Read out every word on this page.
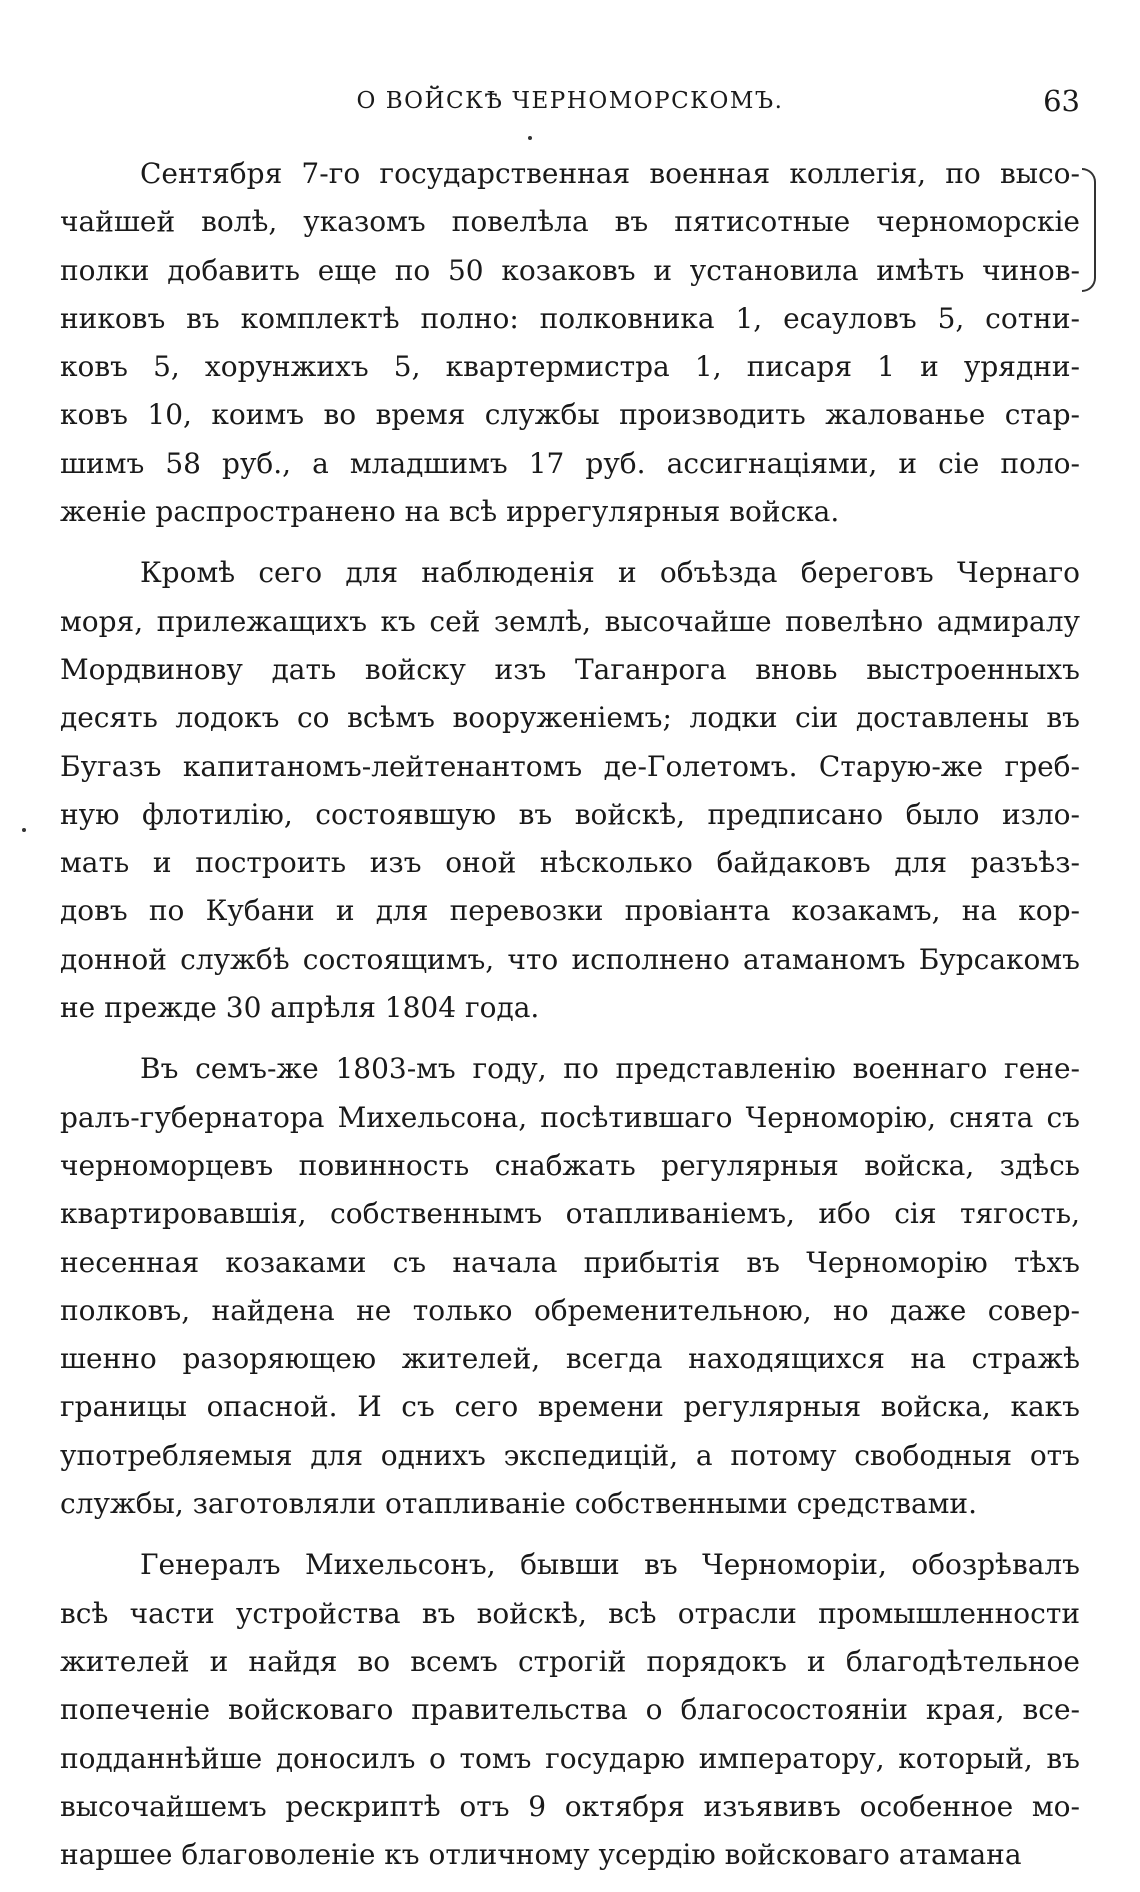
О ВОЙСКѢ ЧЕРНОМОРСКОМЪ.	63
Сентября 7-го государственная военная коллегія, по высо-
чайшей волѣ, указомъ повелѣла въ пятисотные черноморскіе
полки добавить еще по 50 козаковъ и установила имѣть чинов-
никовъ въ комплектѣ полно: полковника 1, есауловъ 5, сотни-
ковъ 5, хорунжихъ 5, квартермистра 1, писаря 1 и урядни-
ковъ 10, коимъ во время службы производить жалованье стар-
шимъ 58 руб., а младшимъ 17 руб. ассигнаціями, и сіе поло-
женіе распространено на всѣ иррегулярныя войска.
Кромѣ сего для наблюденія и объѣзда береговъ Чернаго
моря, прилежащихъ къ сей землѣ, высочайше повелѣно адмиралу
Мордвинову дать войску изъ Таганрога вновь выстроенныхъ
десять лодокъ со всѣмъ вооруженіемъ; лодки сіи доставлены въ
Бугазъ капитаномъ-лейтенантомъ де-Голетомъ. Старую-же греб-
ную флотилію, состоявшую въ войскѣ, предписано было изло-
мать и построить изъ оной нѣсколько байдаковъ для разъѣз-
довъ по Кубани и для перевозки провіанта козакамъ, на кор-
донной службѣ состоящимъ, что исполнено атаманомъ Бурсакомъ
не прежде 30 апрѣля 1804 года.
Въ семъ-же 1803-мъ году, по представленію военнаго гене-
ралъ-губернатора Михельсона, посѣтившаго Черноморію, снята съ
черноморцевъ повинность снабжать регулярныя войска, здѣсь
квартировавшія, собственнымъ отапливаніемъ, ибо сія тягость,
несенная козаками съ начала прибытія въ Черноморію тѣхъ
полковъ, найдена не только обременительною, но даже совер-
шенно разоряющею жителей, всегда находящихся на стражѣ
границы опасной. И съ сего времени регулярныя войска, какъ
употребляемыя для однихъ экспедицій, а потому свободныя отъ
службы, заготовляли отапливаніе собственными средствами.
Генералъ Михельсонъ, бывши въ Черноморіи, обозрѣвалъ
всѣ части устройства въ войскѣ, всѣ отрасли промышленности
жителей и найдя во всемъ строгій порядокъ и благодѣтельное
попеченіе войсковаго правительства о благосостояніи края, все-
подданнѣйше доносилъ о томъ государю императору, который, въ
высочайшемъ рескриптѣ отъ 9 октября изъявивъ особенное мо-
наршее благоволеніе къ отличному усердію войсковаго атамана
